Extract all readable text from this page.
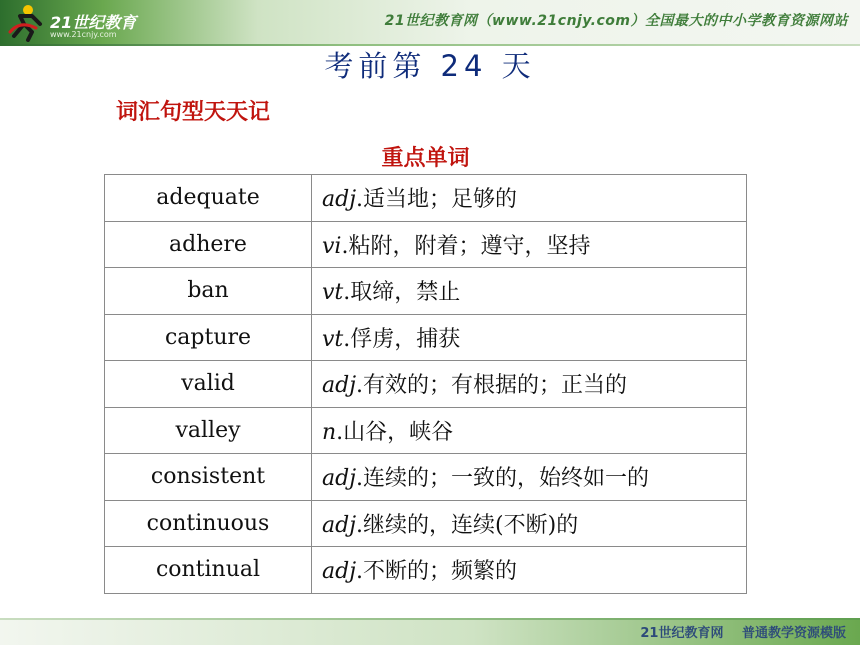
21世纪教育
www.21cnjy.com
21世纪教育网（www.21cnjy.com）全国最大的中小学教育资源网站
考前第 24 天
词汇句型天天记
重点单词
adequate	adj.适当地；足够的
adhere	vi.粘附，附着；遵守，坚持
ban	vt.取缔，禁止
capture	vt.俘虏，捕获
valid	adj.有效的；有根据的；正当的
valley	n.山谷，峡谷
consistent	adj.连续的；一致的，始终如一的
continuous	adj.继续的，连续(不断)的
continual	adj.不断的；频繁的
21世纪教育网 普通教学资源模版
